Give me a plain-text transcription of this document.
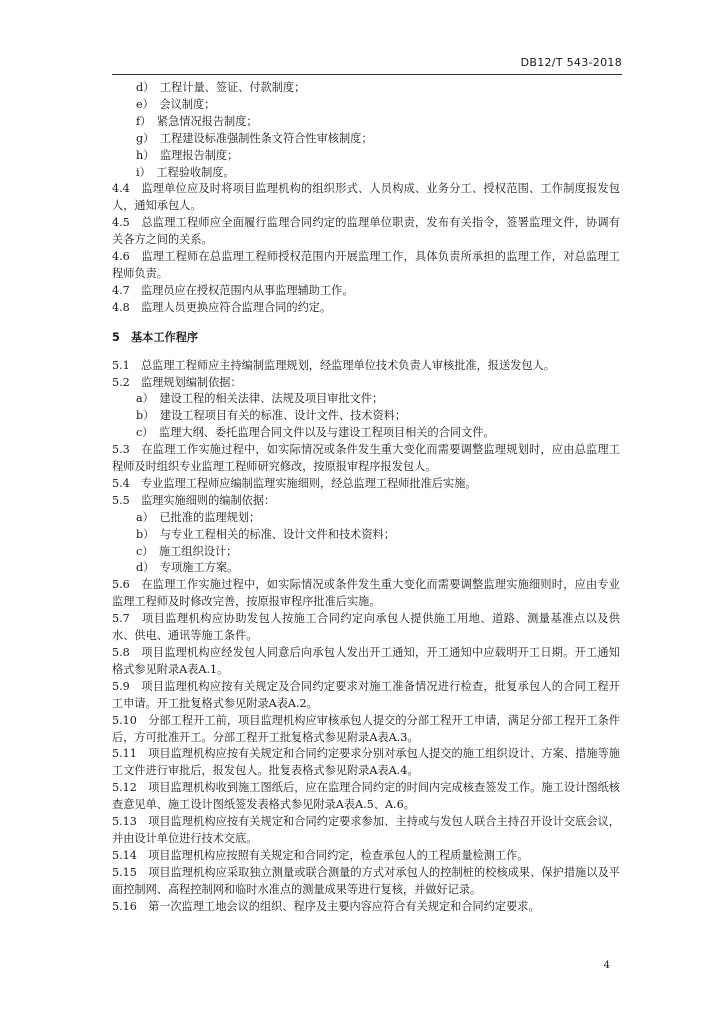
DB12/T 543-2018

d）　工程计量、签证、付款制度；

e）　会议制度；

f）　紧急情况报告制度；

g）　工程建设标准强制性条文符合性审核制度；

h）　监理报告制度；

i）　工程验收制度。

4.4　监理单位应及时将项目监理机构的组织形式、人员构成、业务分工、授权范围、工作制度报发包人，通知承包人。

4.5　总监理工程师应全面履行监理合同约定的监理单位职责，发布有关指令，签署监理文件，协调有关各方之间的关系。

4.6　监理工程师在总监理工程师授权范围内开展监理工作，具体负责所承担的监理工作，对总监理工程师负责。

4.7　监理员应在授权范围内从事监理辅助工作。

4.8　监理人员更换应符合监理合同的约定。

5　基本工作程序

5.1　总监理工程师应主持编制监理规划，经监理单位技术负责人审核批准，报送发包人。

5.2　监理规划编制依据：

a）　建设工程的相关法律、法规及项目审批文件；

b）　建设工程项目有关的标准、设计文件、技术资料；

c）　监理大纲、委托监理合同文件以及与建设工程项目相关的合同文件。

5.3　在监理工作实施过程中，如实际情况或条件发生重大变化而需要调整监理规划时，应由总监理工程师及时组织专业监理工程师研究修改，按原报审程序报发包人。

5.4　专业监理工程师应编制监理实施细则，经总监理工程师批准后实施。

5.5　监理实施细则的编制依据：

a）　已批准的监理规划；

b）　与专业工程相关的标准、设计文件和技术资料；

c）　施工组织设计；

d）　专项施工方案。

5.6　在监理工作实施过程中，如实际情况或条件发生重大变化而需要调整监理实施细则时，应由专业监理工程师及时修改完善，按原报审程序批准后实施。

5.7　项目监理机构应协助发包人按施工合同约定向承包人提供施工用地、道路、测量基准点以及供水、供电、通讯等施工条件。

5.8　项目监理机构应经发包人同意后向承包人发出开工通知，开工通知中应载明开工日期。开工通知格式参见附录A表A.1。

5.9　项目监理机构应按有关规定及合同约定要求对施工准备情况进行检查，批复承包人的合同工程开工申请。开工批复格式参见附录A表A.2。

5.10　分部工程开工前，项目监理机构应审核承包人提交的分部工程开工申请，满足分部工程开工条件后，方可批准开工。分部工程开工批复格式参见附录A表A.3。

5.11　项目监理机构应按有关规定和合同约定要求分别对承包人提交的施工组织设计、方案、措施等施工文件进行审批后，报发包人。批复表格式参见附录A表A.4。

5.12　项目监理机构收到施工图纸后，应在监理合同约定的时间内完成核查签发工作。施工设计图纸核查意见单、施工设计图纸签发表格式参见附录A表A.5、A.6。

5.13　项目监理机构应按有关规定和合同约定要求参加、主持或与发包人联合主持召开设计交底会议，并由设计单位进行技术交底。

5.14　项目监理机构应按照有关规定和合同约定，检查承包人的工程质量检测工作。

5.15　项目监理机构应采取独立测量或联合测量的方式对承包人的控制桩的校核成果、保护措施以及平面控制网、高程控制网和临时水准点的测量成果等进行复核，并做好记录。

5.16　第一次监理工地会议的组织、程序及主要内容应符合有关规定和合同约定要求。

4
